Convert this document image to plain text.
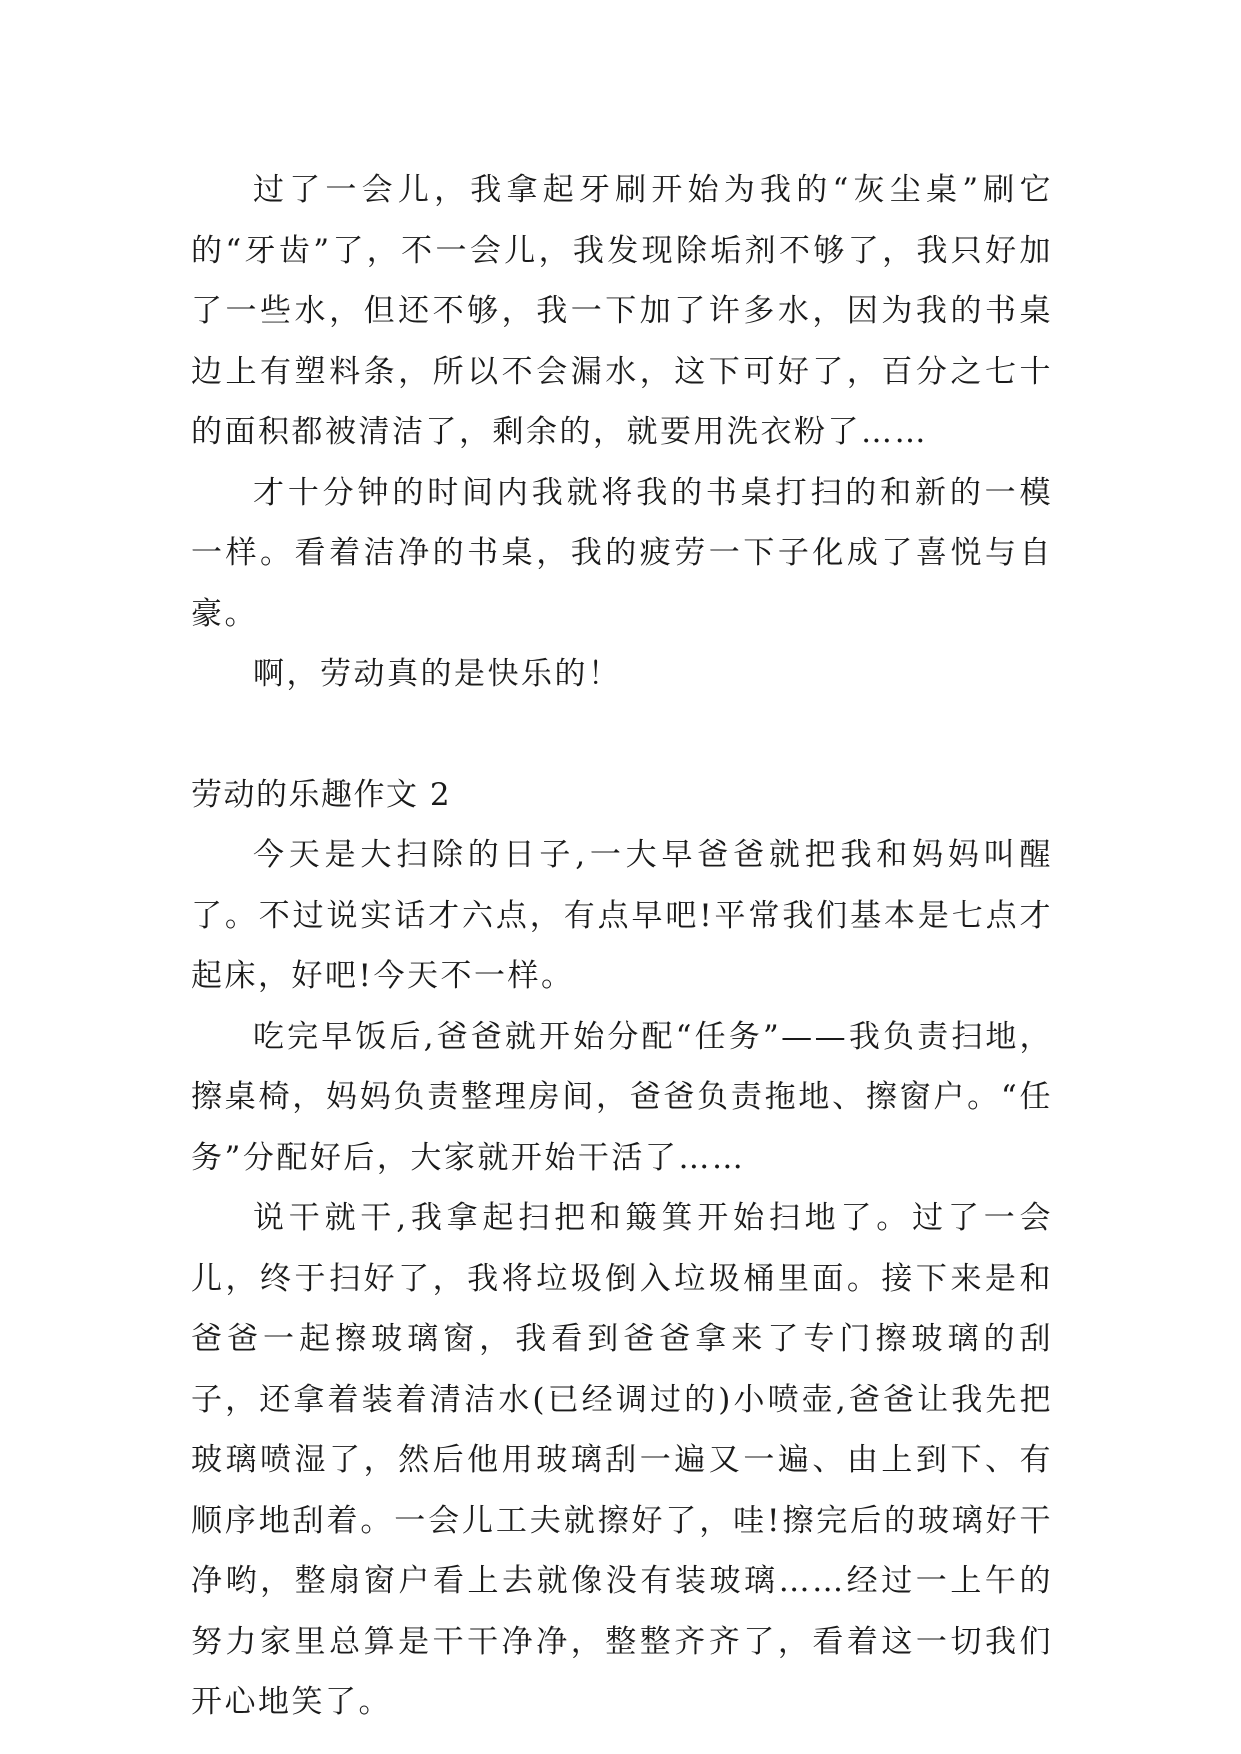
过了一会儿，我拿起牙刷开始为我的“灰尘桌”刷它的“牙齿”了，不一会儿，我发现除垢剂不够了，我只好加了一些水，但还不够，我一下加了许多水，因为我的书桌边上有塑料条，所以不会漏水，这下可好了，百分之七十的面积都被清洁了，剩余的，就要用洗衣粉了……

才十分钟的时间内我就将我的书桌打扫的和新的一模一样。看着洁净的书桌，我的疲劳一下子化成了喜悦与自豪。

啊，劳动真的是快乐的！

劳动的乐趣作文 2

今天是大扫除的日子,一大早爸爸就把我和妈妈叫醒了。不过说实话才六点，有点早吧!平常我们基本是七点才起床，好吧!今天不一样。

吃完早饭后,爸爸就开始分配“任务”——我负责扫地，擦桌椅，妈妈负责整理房间，爸爸负责拖地、擦窗户。“任务”分配好后，大家就开始干活了……

说干就干,我拿起扫把和簸箕开始扫地了。过了一会儿，终于扫好了，我将垃圾倒入垃圾桶里面。接下来是和爸爸一起擦玻璃窗，我看到爸爸拿来了专门擦玻璃的刮子，还拿着装着清洁水(已经调过的)小喷壶,爸爸让我先把玻璃喷湿了，然后他用玻璃刮一遍又一遍、由上到下、有顺序地刮着。一会儿工夫就擦好了，哇!擦完后的玻璃好干净哟，整扇窗户看上去就像没有装玻璃……经过一上午的努力家里总算是干干净净，整整齐齐了，看着这一切我们开心地笑了。
